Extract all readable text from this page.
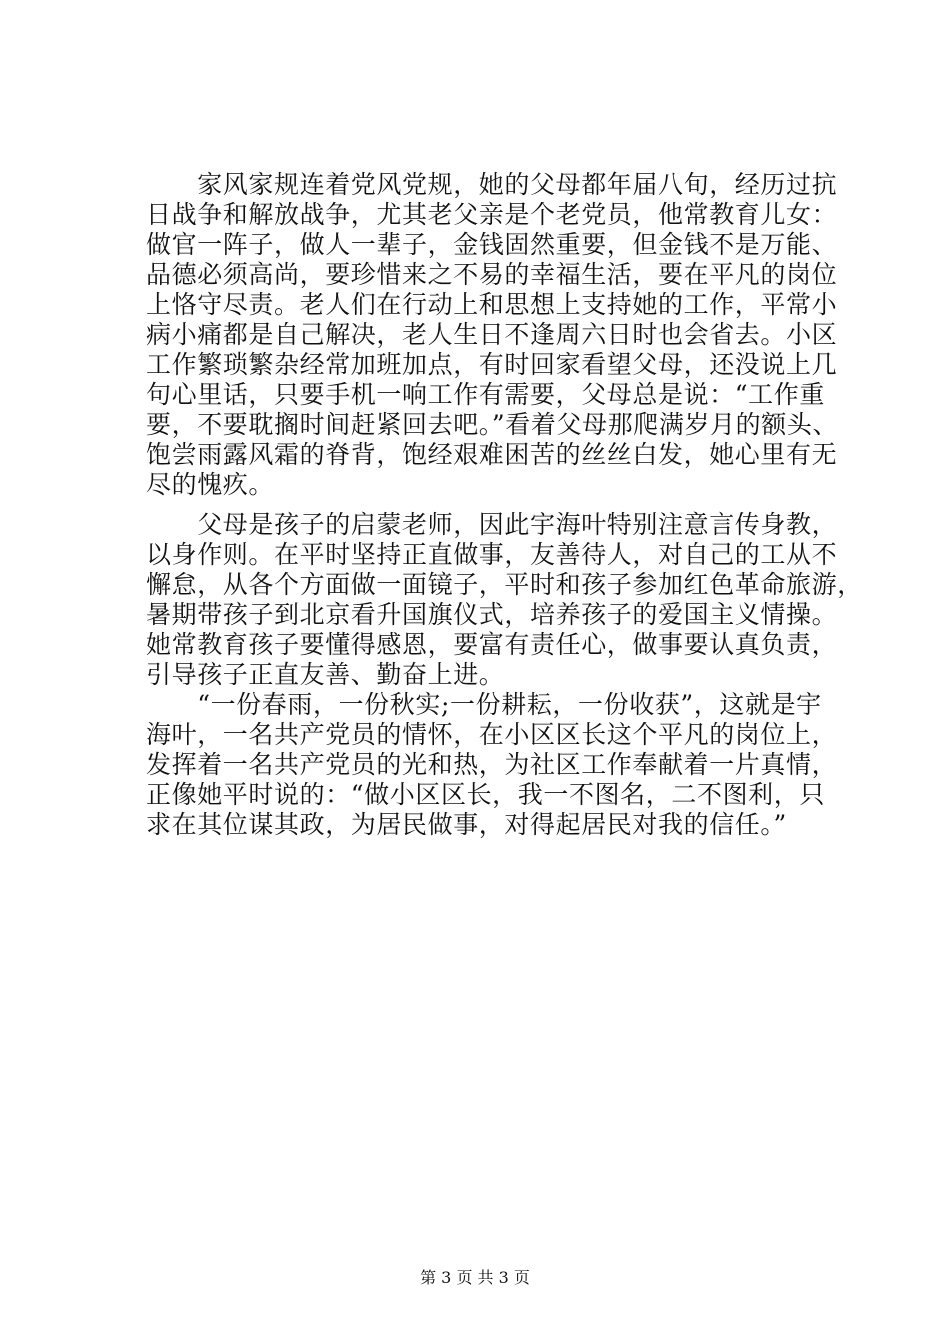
　　家风家规连着党风党规，她的父母都年届八旬，经历过抗
日战争和解放战争，尤其老父亲是个老党员，他常教育儿女：
做官一阵子，做人一辈子，金钱固然重要，但金钱不是万能、
品德必须高尚，要珍惜来之不易的幸福生活，要在平凡的岗位
上恪守尽责。老人们在行动上和思想上支持她的工作，平常小
病小痛都是自己解决，老人生日不逢周六日时也会省去。小区
工作繁琐繁杂经常加班加点，有时回家看望父母，还没说上几
句心里话，只要手机一响工作有需要，父母总是说：“工作重
要，不要耽搁时间赶紧回去吧。”看着父母那爬满岁月的额头、
饱尝雨露风霜的脊背，饱经艰难困苦的丝丝白发，她心里有无
尽的愧疚。
　　父母是孩子的启蒙老师，因此宇海叶特别注意言传身教，
以身作则。在平时坚持正直做事，友善待人，对自己的工从不
懈怠，从各个方面做一面镜子，平时和孩子参加红色革命旅游，
暑期带孩子到北京看升国旗仪式，培养孩子的爱国主义情操。
她常教育孩子要懂得感恩，要富有责任心，做事要认真负责，
引导孩子正直友善、勤奋上进。
　　“一份春雨，一份秋实;一份耕耘，一份收获”，这就是宇
海叶，一名共产党员的情怀，在小区区长这个平凡的岗位上，
发挥着一名共产党员的光和热，为社区工作奉献着一片真情，
正像她平时说的：“做小区区长，我一不图名，二不图利，只
求在其位谋其政，为居民做事，对得起居民对我的信任。”
第 3 页 共 3 页
